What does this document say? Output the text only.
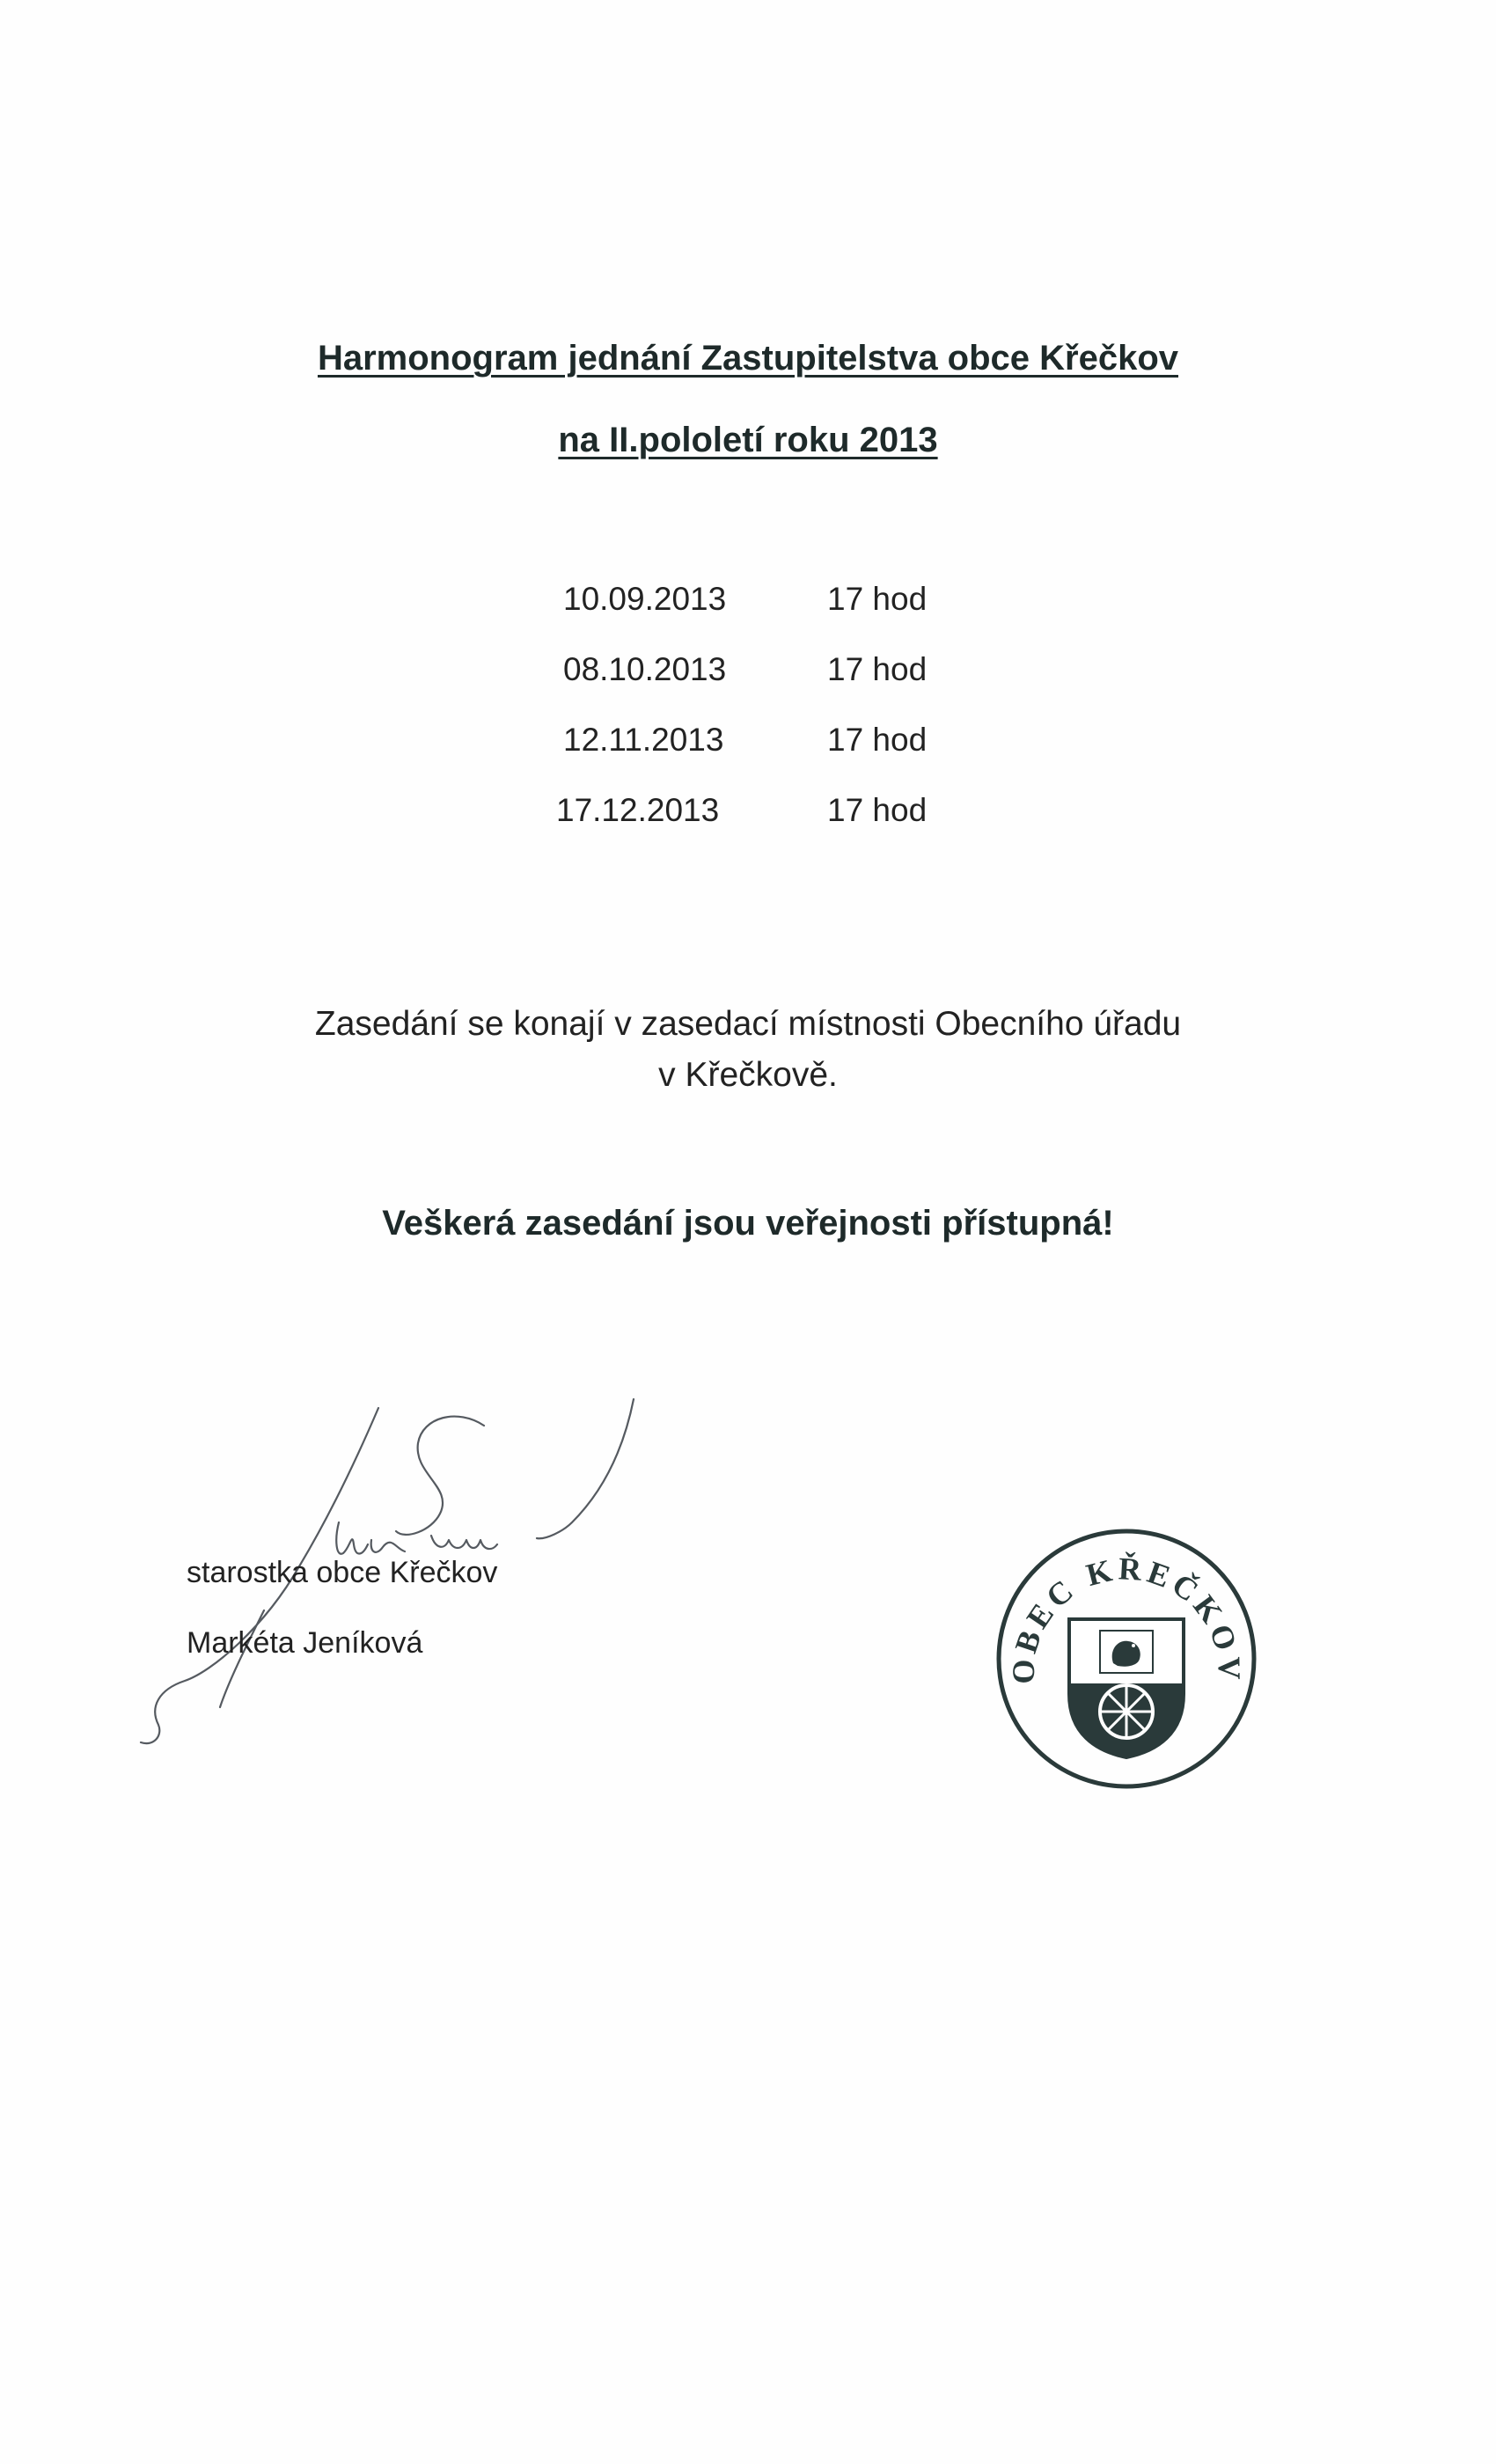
Harmonogram jednání Zastupitelstva obce Křečkov
na II.pololetí roku 2013
10.09.2013	17 hod
08.10.2013	17 hod
12.11.2013	17 hod
17.12.2013	17 hod
Zasedání se konají v zasedací místnosti Obecního úřadu
v Křečkově.
Veškerá zasedání jsou veřejnosti přístupná!
starostka obce Křečkov
Markéta Jeníková
OBEC KŘEČKOV
